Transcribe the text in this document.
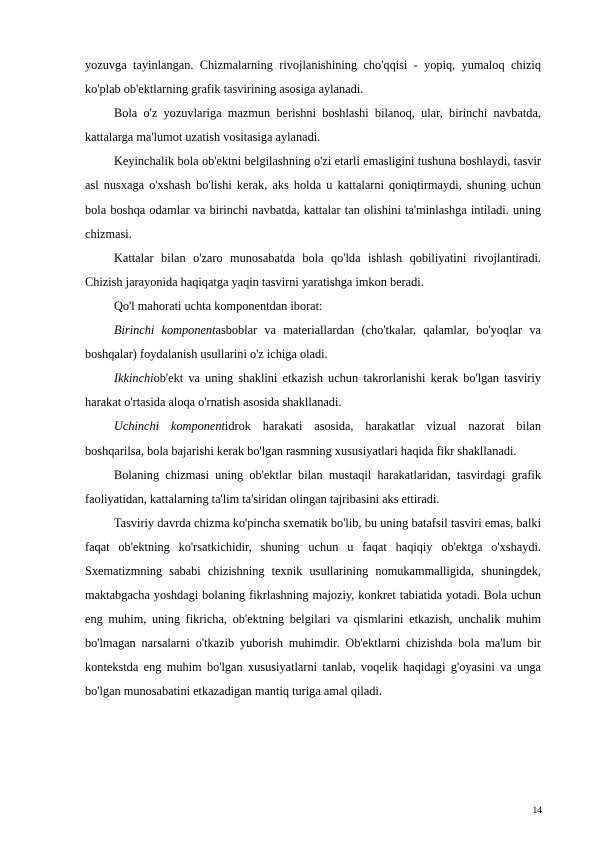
yozuvga tayinlangan. Chizmalarning rivojlanishining cho'qqisi - yopiq, yumaloq chiziq ko'plab ob'ektlarning grafik tasvirining asosiga aylanadi.

Bola o'z yozuvlariga mazmun berishni boshlashi bilanoq, ular, birinchi navbatda, kattalarga ma'lumot uzatish vositasiga aylanadi.

Keyinchalik bola ob'ektni belgilashning o'zi etarli emasligini tushuna boshlaydi, tasvir asl nusxaga o'xshash bo'lishi kerak, aks holda u kattalarni qoniqtirmaydi, shuning uchun bola boshqa odamlar va birinchi navbatda, kattalar tan olishini ta'minlashga intiladi. uning chizmasi.

Kattalar bilan o'zaro munosabatda bola qo'lda ishlash qobiliyatini rivojlantiradi. Chizish jarayonida haqiqatga yaqin tasvirni yaratishga imkon beradi.

Qo'l mahorati uchta komponentdan iborat:

Birinchi komponentasboblar va materiallardan (cho'tkalar, qalamlar, bo'yoqlar va boshqalar) foydalanish usullarini o'z ichiga oladi.

Ikkinchiob'ekt va uning shaklini etkazish uchun takrorlanishi kerak bo'lgan tasviriy harakat o'rtasida aloqa o'rnatish asosida shakllanadi.

Uchinchi komponentidrok harakati asosida, harakatlar vizual nazorat bilan boshqarilsa, bola bajarishi kerak bo'lgan rasmning xususiyatlari haqida fikr shakllanadi.

Bolaning chizmasi uning ob'ektlar bilan mustaqil harakatlaridan, tasvirdagi grafik faoliyatidan, kattalarning ta'lim ta'siridan olingan tajribasini aks ettiradi.

Tasviriy davrda chizma ko'pincha sxematik bo'lib, bu uning batafsil tasviri emas, balki faqat ob'ektning ko'rsatkichidir, shuning uchun u faqat haqiqiy ob'ektga o'xshaydi. Sxematizmning sababi chizishning texnik usullarining nomukammalligida, shuningdek, maktabgacha yoshdagi bolaning fikrlashning majoziy, konkret tabiatida yotadi. Bola uchun eng muhim, uning fikricha, ob'ektning belgilari va qismlarini etkazish, unchalik muhim bo'lmagan narsalarni o'tkazib yuborish muhimdir. Ob'ektlarni chizishda bola ma'lum bir kontekstda eng muhim bo'lgan xususiyatlarni tanlab, voqelik haqidagi g'oyasini va unga bo'lgan munosabatini etkazadigan mantiq turiga amal qiladi.

14
